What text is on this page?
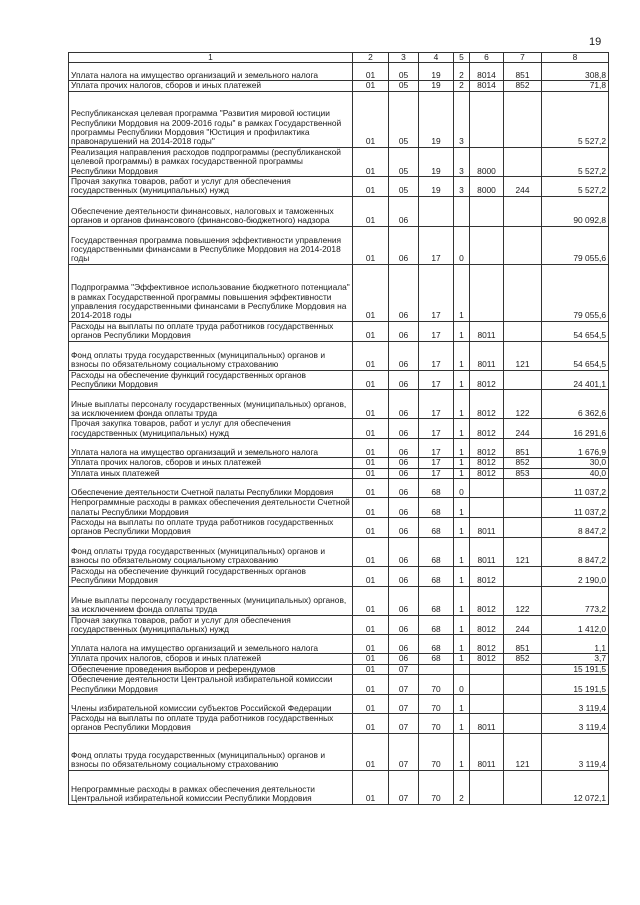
19
1	2	3	4	5	6	7	8
Уплата налога на имущество организаций и земельного налога	01	05	19	2	8014	851	308,8
Уплата прочих налогов, сборов и иных платежей	01	05	19	2	8014	852	71,8
Республиканская целевая программа "Развития мировой юстиции Республики Мордовия на 2009-2016 годы" в рамках Государственной программы Республики Мордовия "Юстиция и профилактика правонарушений на 2014-2018 годы"	01	05	19	3			5 527,2
Реализация направления расходов подпрограммы (республиканской целевой программы) в рамках государственной программы Республики Мордовия	01	05	19	3	8000		5 527,2
Прочая закупка товаров, работ и услуг для обеспечения государственных (муниципальных) нужд	01	05	19	3	8000	244	5 527,2
Обеспечение деятельности финансовых, налоговых и таможенных органов и органов финансового (финансово-бюджетного) надзора	01	06					90 092,8
Государственная программа повышения эффективности управления государственными финансами в Республике Мордовия на 2014-2018 годы	01	06	17	0			79 055,6
Подпрограмма "Эффективное использование бюджетного потенциала" в рамках Государственной программы повышения эффективности управления государственными финансами в Республике Мордовия на 2014-2018 годы	01	06	17	1			79 055,6
Расходы на выплаты по оплате труда работников государственных органов Республики Мордовия	01	06	17	1	8011		54 654,5
Фонд оплаты труда государственных (муниципальных) органов и взносы по обязательному социальному страхованию	01	06	17	1	8011	121	54 654,5
Расходы на обеспечение функций государственных органов Республики Мордовия	01	06	17	1	8012		24 401,1
Иные выплаты персоналу государственных (муниципальных) органов, за исключением фонда оплаты труда	01	06	17	1	8012	122	6 362,6
Прочая закупка товаров, работ и услуг для обеспечения государственных (муниципальных) нужд	01	06	17	1	8012	244	16 291,6
Уплата налога на имущество организаций и земельного налога	01	06	17	1	8012	851	1 676,9
Уплата прочих налогов, сборов и иных платежей	01	06	17	1	8012	852	30,0
Уплата иных платежей	01	06	17	1	8012	853	40,0
Обеспечение деятельности Счетной палаты Республики Мордовия	01	06	68	0			11 037,2
Непрограммные расходы в рамках обеспечения деятельности Счетной палаты Республики Мордовия	01	06	68	1			11 037,2
Расходы на выплаты по оплате труда работников государственных органов Республики Мордовия	01	06	68	1	8011		8 847,2
Фонд оплаты труда государственных (муниципальных) органов и взносы по обязательному социальному страхованию	01	06	68	1	8011	121	8 847,2
Расходы на обеспечение функций государственных органов Республики Мордовия	01	06	68	1	8012		2 190,0
Иные выплаты персоналу государственных (муниципальных) органов, за исключением фонда оплаты труда	01	06	68	1	8012	122	773,2
Прочая закупка товаров, работ и услуг для обеспечения государственных (муниципальных) нужд	01	06	68	1	8012	244	1 412,0
Уплата налога на имущество организаций и земельного налога	01	06	68	1	8012	851	1,1
Уплата прочих налогов, сборов и иных платежей	01	06	68	1	8012	852	3,7
Обеспечение проведения выборов и референдумов	01	07					15 191,5
Обеспечение деятельности Центральной избирательной комиссии Республики Мордовия	01	07	70	0			15 191,5
Члены избирательной комиссии субъектов Российской Федерации	01	07	70	1			3 119,4
Расходы на выплаты по оплате труда работников государственных органов Республики Мордовия	01	07	70	1	8011		3 119,4
Фонд оплаты труда государственных (муниципальных) органов и взносы по обязательному социальному страхованию	01	07	70	1	8011	121	3 119,4
Непрограммные расходы в рамках обеспечения деятельности Центральной избирательной комиссии Республики Мордовия	01	07	70	2			12 072,1
